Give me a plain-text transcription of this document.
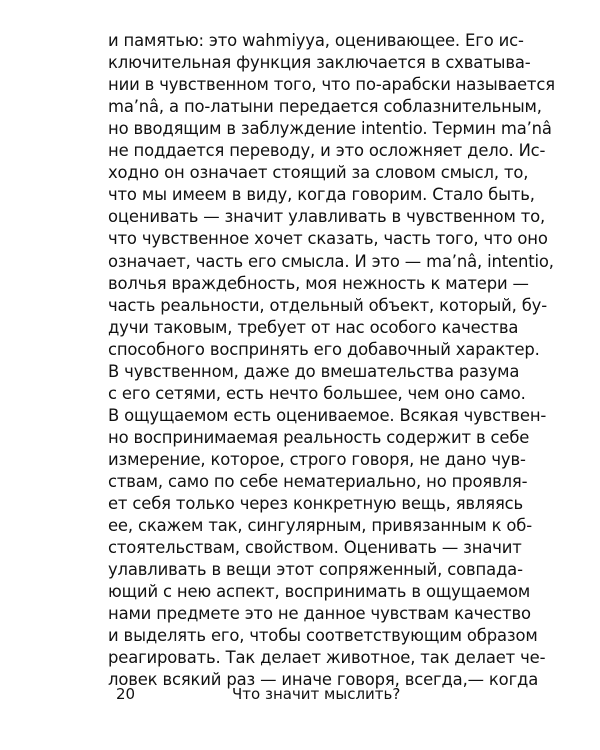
и памятью: это wahmiyya, оценивающее. Его ис-
ключительная функция заключается в схватыва-
нии в чувственном того, что по-арабски называется
ma’nâ, а по-латыни передается соблазнительным,
но вводящим в заблуждение intentio. Термин ma’nâ
не поддается переводу, и это осложняет дело. Ис-
ходно он означает стоящий за словом смысл, то,
что мы имеем в виду, когда говорим. Стало быть,
оценивать — значит улавливать в чувственном то,
что чувственное хочет сказать, часть того, что оно
означает, часть его смысла. И это — ma’nâ, intentio,
волчья враждебность, моя нежность к матери —
часть реальности, отдельный объект, который, бу-
дучи таковым, требует от нас особого качества
способного воспринять его добавочный характер.
В чувственном, даже до вмешательства разума
с его сетями, есть нечто большее, чем оно само.
В ощущаемом есть оцениваемое. Всякая чувствен-
но воспринимаемая реальность содержит в себе
измерение, которое, строго говоря, не дано чув-
ствам, само по себе нематериально, но проявля-
ет себя только через конкретную вещь, являясь
ее, скажем так, сингулярным, привязанным к об-
стоятельствам, свойством. Оценивать — значит
улавливать в вещи этот сопряженный, совпада-
ющий с нею аспект, воспринимать в ощущаемом
нами предмете это не данное чувствам качество
и выделять его, чтобы соответствующим образом
реагировать. Так делает животное, так делает че-
ловек всякий раз — иначе говоря, всегда,— когда
20	Что значит мыслить?
